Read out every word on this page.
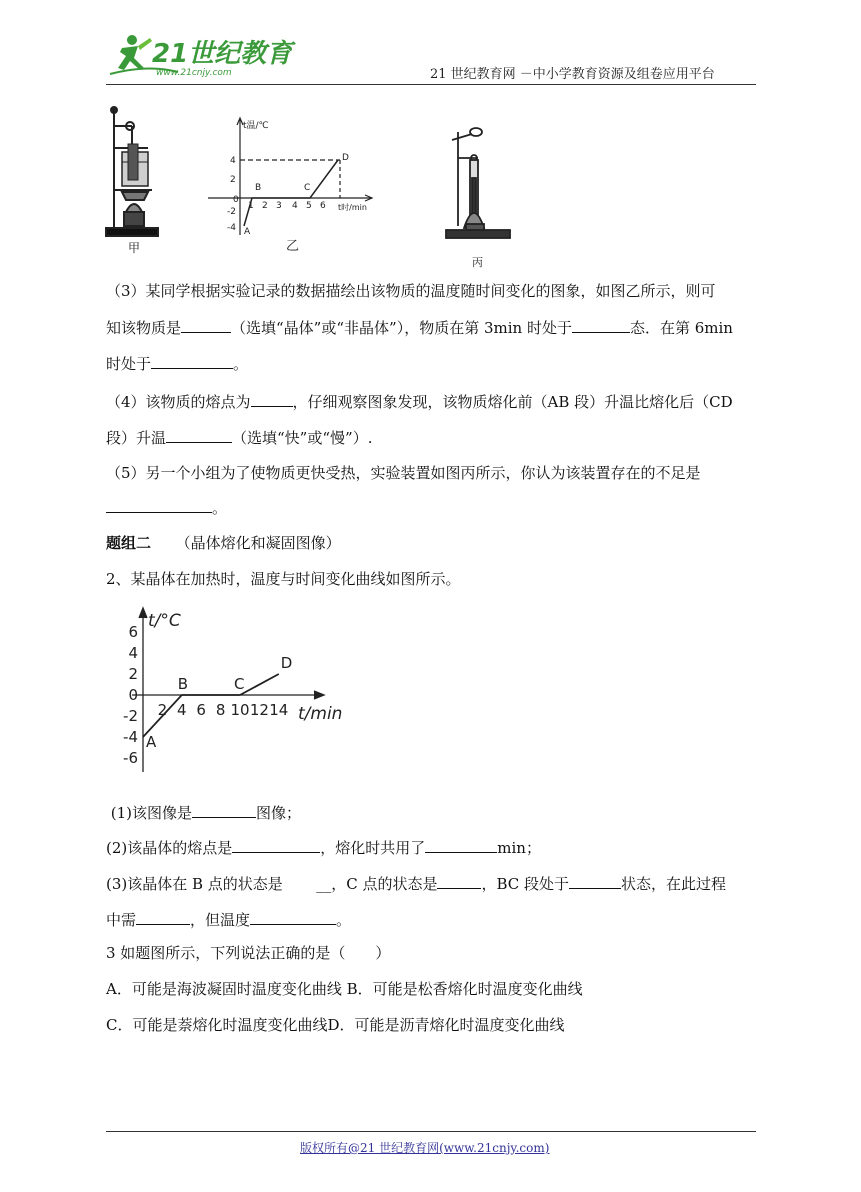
21世纪教育
www.21cnjy.com	21 世纪教育网 －中小学教育资源及组卷应用平台
甲
t温/℃
t时/min
4
2
0
-2
-4
1 2 3 4 5 6
A
B	C
D
乙
丙
（3）某同学根据实验记录的数据描绘出该物质的温度随时间变化的图象，如图乙所示，则可
知该物质是	（选填“晶体”或“非晶体”），物质在第 3min 时处于	态．在第 6min
时处于	。
（4）该物质的熔点为	，仔细观察图象发现，该物质熔化前（AB 段）升温比熔化后（CD
段）升温	（选填“快”或“慢”）.
（5）另一个小组为了使物质更快受热，实验装置如图丙所示，你认为该装置存在的不足是
。
题组二　 （晶体熔化和凝固图像）
2、某晶体在加热时，温度与时间变化曲线如图所示。
6
4
2
0
-2
-4
-6
2 4 6 8 10 12 14
A
B	C
D
t/°C
t/min
(1)该图像是	图像；
(2)该晶体的熔点是	，熔化时共用了	min；
(3)该晶体在 B 点的状态是 __，C 点的状态是	，BC 段处于	状态，在此过程
中需	，但温度	。
3 如题图所示，下列说法正确的是（　　）
A．可能是海波凝固时温度变化曲线 B．可能是松香熔化时温度变化曲线
C．可能是萘熔化时温度变化曲线D．可能是沥青熔化时温度变化曲线
版权所有@21 世纪教育网(www.21cnjy.com)
